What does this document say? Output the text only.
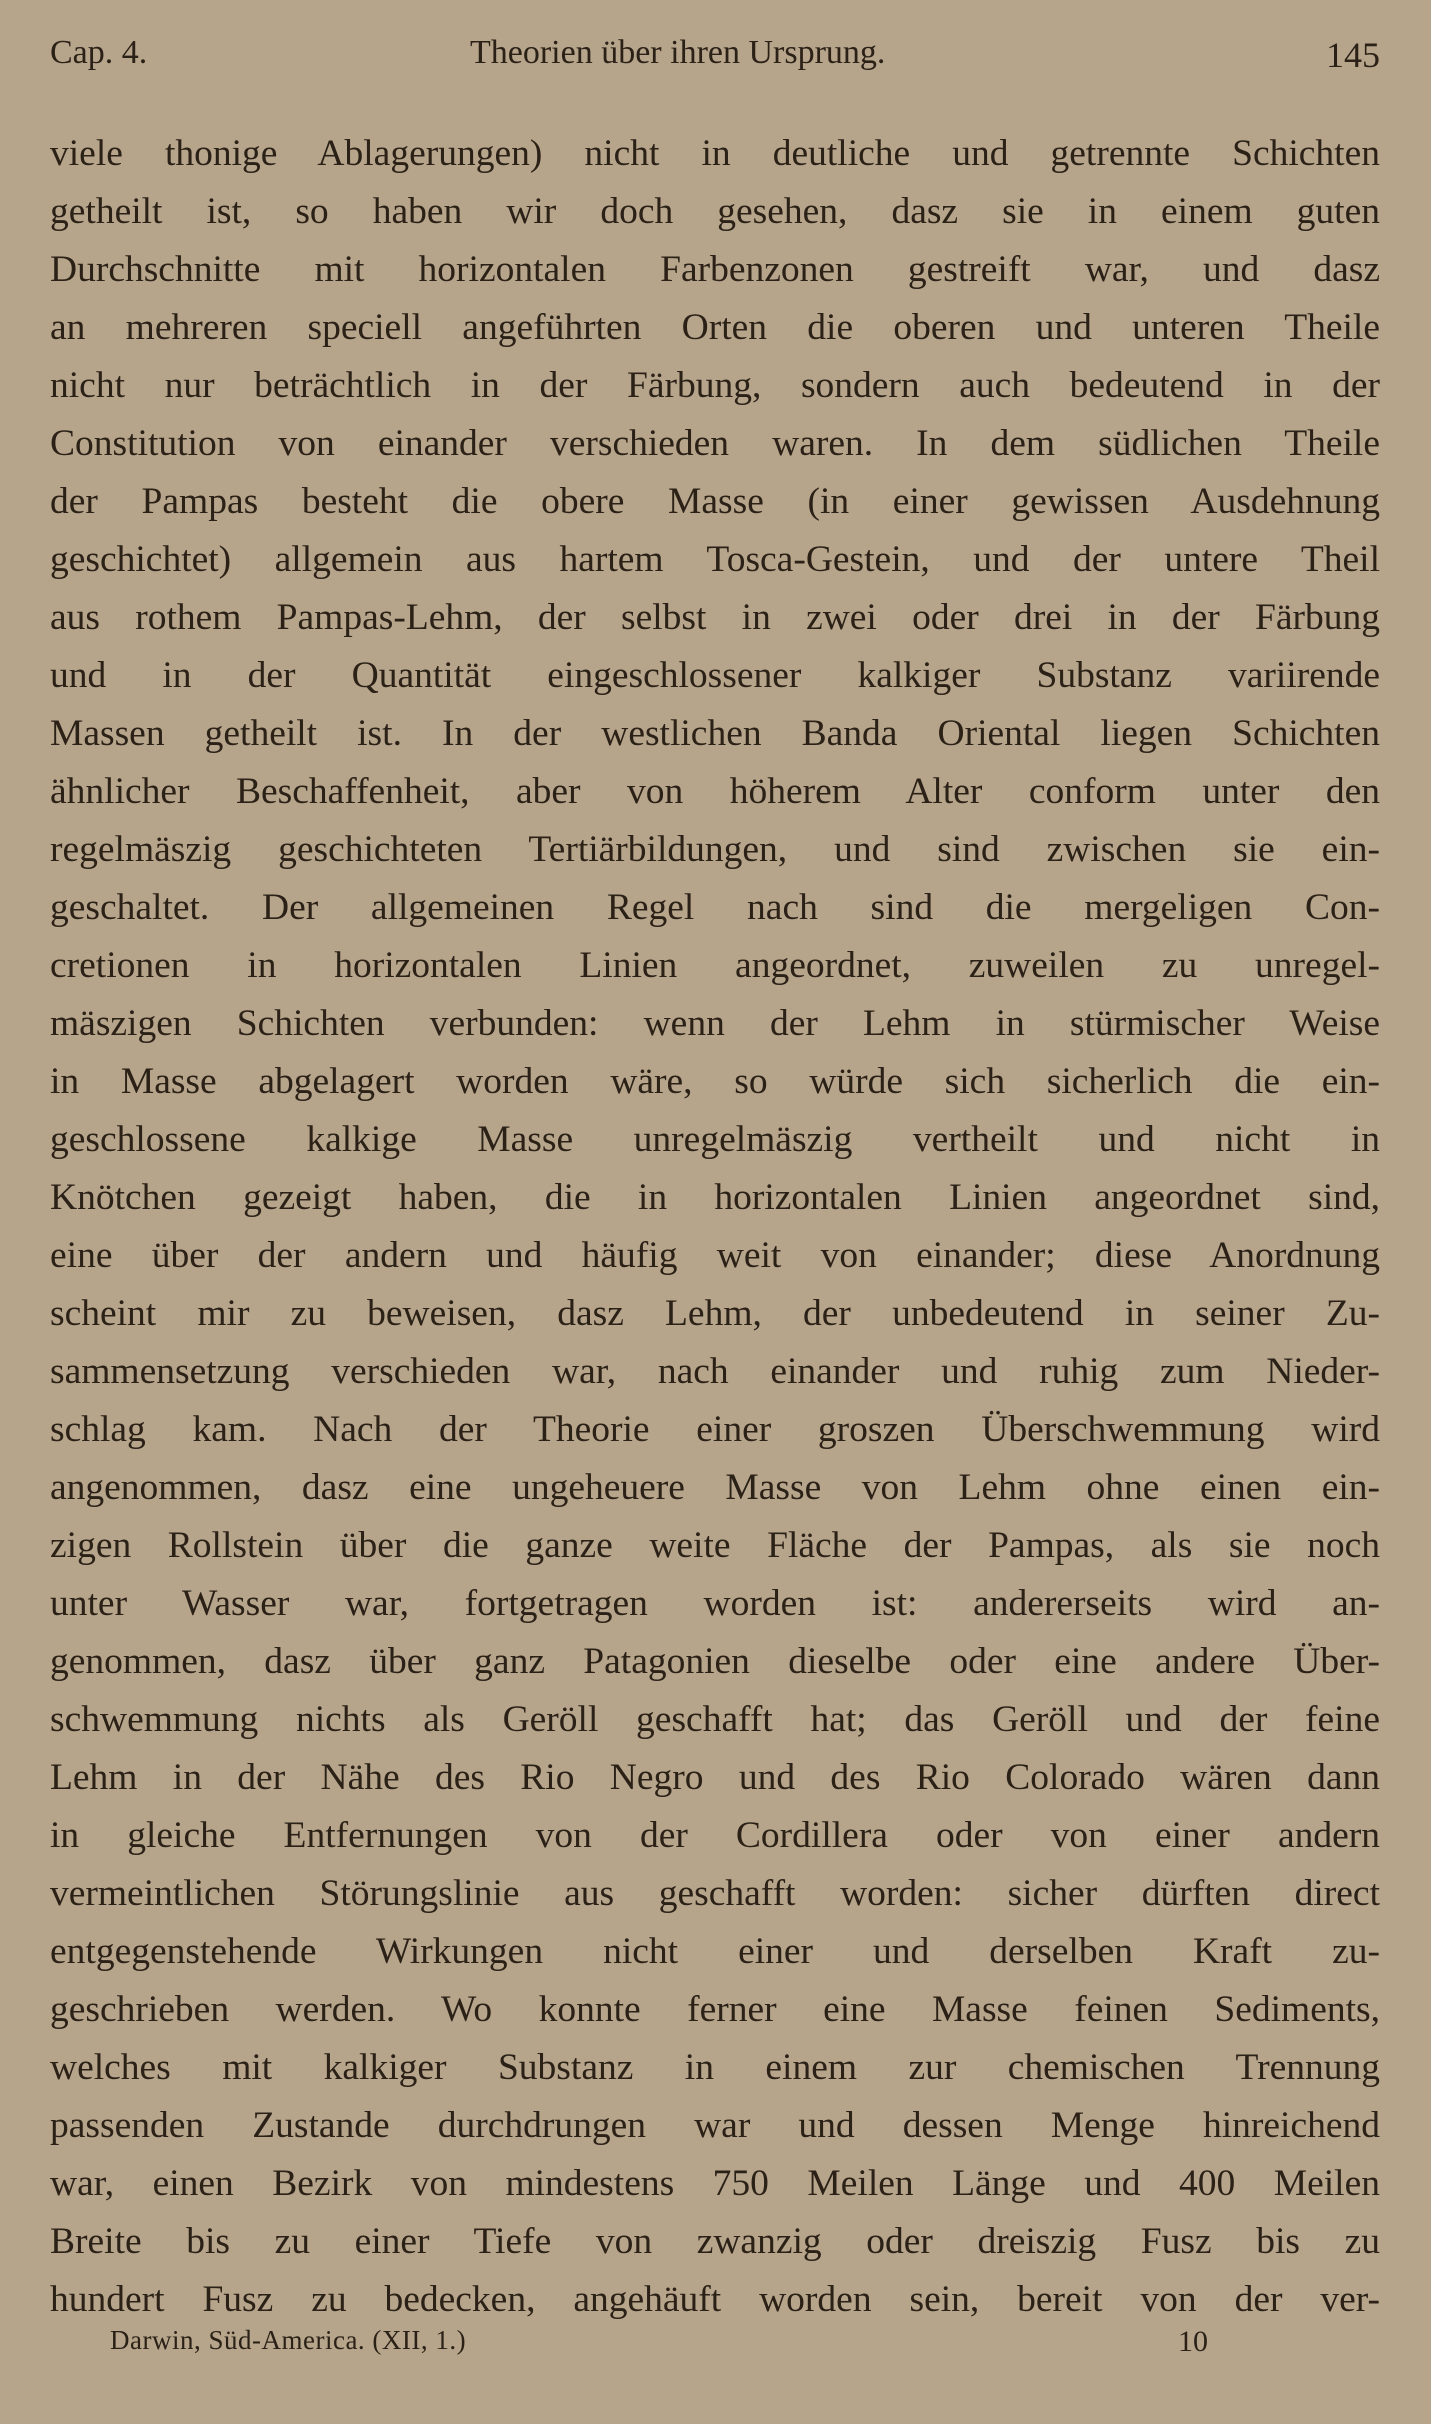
Cap. 4.	Theorien über ihren Ursprung.	145
viele thonige Ablagerungen) nicht in deutliche und getrennte Schichten
getheilt ist, so haben wir doch gesehen, dasz sie in einem guten
Durchschnitte mit horizontalen Farbenzonen gestreift war, und dasz
an mehreren speciell angeführten Orten die oberen und unteren Theile
nicht nur beträchtlich in der Färbung, sondern auch bedeutend in der
Constitution von einander verschieden waren. In dem südlichen Theile
der Pampas besteht die obere Masse (in einer gewissen Ausdehnung
geschichtet) allgemein aus hartem Tosca-Gestein, und der untere Theil
aus rothem Pampas-Lehm, der selbst in zwei oder drei in der Färbung
und in der Quantität eingeschlossener kalkiger Substanz variirende
Massen getheilt ist. In der westlichen Banda Oriental liegen Schichten
ähnlicher Beschaffenheit, aber von höherem Alter conform unter den
regelmäszig geschichteten Tertiärbildungen, und sind zwischen sie ein-
geschaltet. Der allgemeinen Regel nach sind die mergeligen Con-
cretionen in horizontalen Linien angeordnet, zuweilen zu unregel-
mäszigen Schichten verbunden: wenn der Lehm in stürmischer Weise
in Masse abgelagert worden wäre, so würde sich sicherlich die ein-
geschlossene kalkige Masse unregelmäszig vertheilt und nicht in
Knötchen gezeigt haben, die in horizontalen Linien angeordnet sind,
eine über der andern und häufig weit von einander; diese Anordnung
scheint mir zu beweisen, dasz Lehm, der unbedeutend in seiner Zu-
sammensetzung verschieden war, nach einander und ruhig zum Nieder-
schlag kam. Nach der Theorie einer groszen Überschwemmung wird
angenommen, dasz eine ungeheuere Masse von Lehm ohne einen ein-
zigen Rollstein über die ganze weite Fläche der Pampas, als sie noch
unter Wasser war, fortgetragen worden ist: andererseits wird an-
genommen, dasz über ganz Patagonien dieselbe oder eine andere Über-
schwemmung nichts als Geröll geschafft hat; das Geröll und der feine
Lehm in der Nähe des Rio Negro und des Rio Colorado wären dann
in gleiche Entfernungen von der Cordillera oder von einer andern
vermeintlichen Störungslinie aus geschafft worden: sicher dürften direct
entgegenstehende Wirkungen nicht einer und derselben Kraft zu-
geschrieben werden. Wo konnte ferner eine Masse feinen Sediments,
welches mit kalkiger Substanz in einem zur chemischen Trennung
passenden Zustande durchdrungen war und dessen Menge hinreichend
war, einen Bezirk von mindestens 750 Meilen Länge und 400 Meilen
Breite bis zu einer Tiefe von zwanzig oder dreiszig Fusz bis zu
hundert Fusz zu bedecken, angehäuft worden sein, bereit von der ver-
Darwin, Süd-America. (XII, 1.)	10
